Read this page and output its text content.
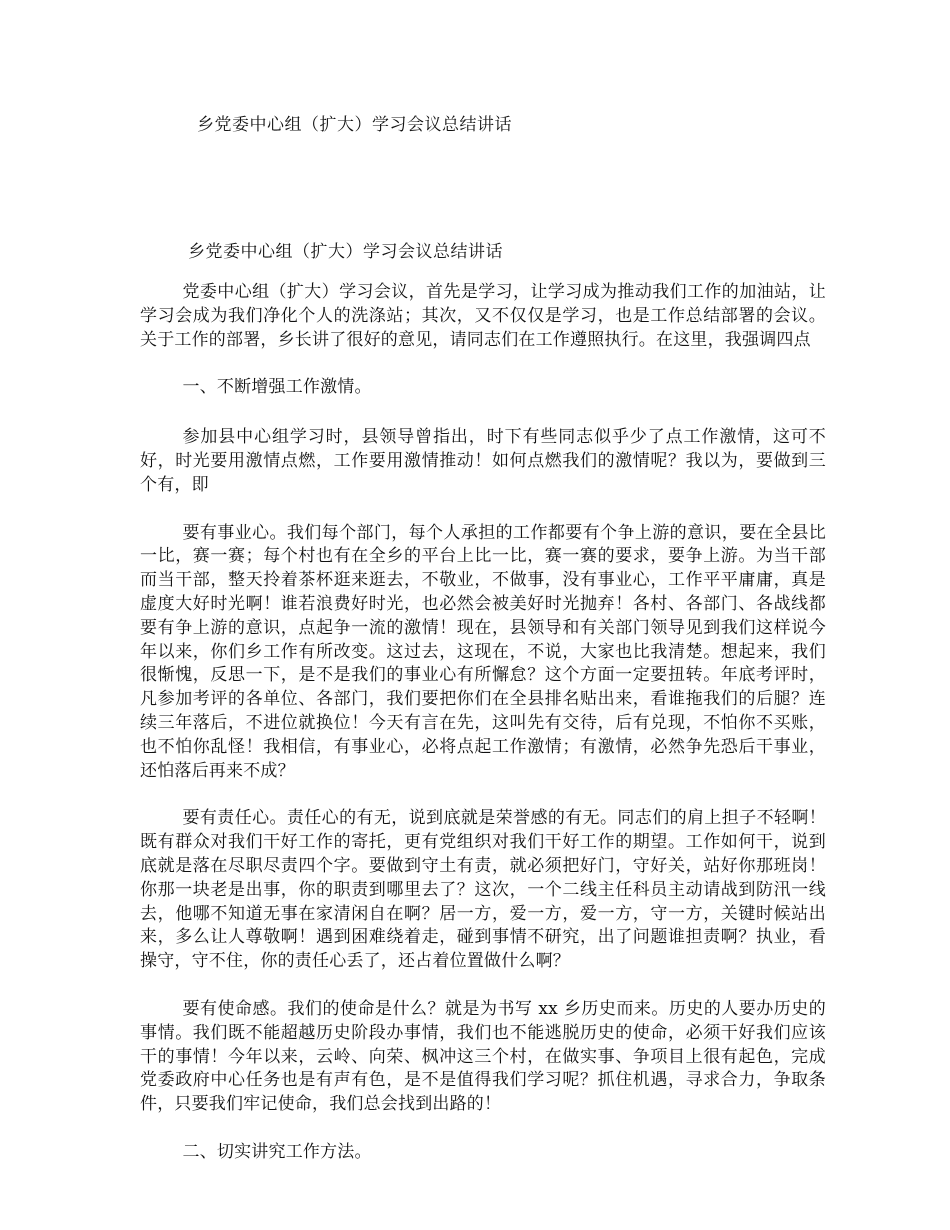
乡党委中心组（扩大）学习会议总结讲话
乡党委中心组（扩大）学习会议总结讲话

党委中心组（扩大）学习会议，首先是学习，让学习成为推动我们工作的加油站，让学习会成为我们净化个人的洗涤站；其次，又不仅仅是学习，也是工作总结部署的会议。关于工作的部署，乡长讲了很好的意见，请同志们在工作遵照执行。在这里，我强调四点

一、不断增强工作激情。

参加县中心组学习时，县领导曾指出，时下有些同志似乎少了点工作激情，这可不好，时光要用激情点燃，工作要用激情推动！如何点燃我们的激情呢？我以为，要做到三个有，即

要有事业心。我们每个部门，每个人承担的工作都要有个争上游的意识，要在全县比一比，赛一赛；每个村也有在全乡的平台上比一比，赛一赛的要求，要争上游。为当干部而当干部，整天拎着茶杯逛来逛去，不敬业，不做事，没有事业心，工作平平庸庸，真是虚度大好时光啊！谁若浪费好时光，也必然会被美好时光抛弃！各村、各部门、各战线都要有争上游的意识，点起争一流的激情！现在，县领导和有关部门领导见到我们这样说今年以来，你们乡工作有所改变。这过去，这现在，不说，大家也比我清楚。想起来，我们很惭愧，反思一下，是不是我们的事业心有所懈怠？这个方面一定要扭转。年底考评时，凡参加考评的各单位、各部门，我们要把你们在全县排名贴出来，看谁拖我们的后腿？连续三年落后，不进位就换位！今天有言在先，这叫先有交待，后有兑现，不怕你不买账，也不怕你乱怪！我相信，有事业心，必将点起工作激情；有激情，必然争先恐后干事业，还怕落后再来不成？

要有责任心。责任心的有无，说到底就是荣誉感的有无。同志们的肩上担子不轻啊！既有群众对我们干好工作的寄托，更有党组织对我们干好工作的期望。工作如何干，说到底就是落在尽职尽责四个字。要做到守土有责，就必须把好门，守好关，站好你那班岗！你那一块老是出事，你的职责到哪里去了？这次，一个二线主任科员主动请战到防汛一线去，他哪不知道无事在家清闲自在啊？居一方，爱一方，爱一方，守一方，关键时候站出来，多么让人尊敬啊！遇到困难绕着走，碰到事情不研究，出了问题谁担责啊？执业，看操守，守不住，你的责任心丢了，还占着位置做什么啊？

要有使命感。我们的使命是什么？就是为书写 xx 乡历史而来。历史的人要办历史的事情。我们既不能超越历史阶段办事情，我们也不能逃脱历史的使命，必须干好我们应该干的事情！今年以来，云岭、向荣、枫冲这三个村，在做实事、争项目上很有起色，完成党委政府中心任务也是有声有色，是不是值得我们学习呢？抓住机遇，寻求合力，争取条件，只要我们牢记使命，我们总会找到出路的！

二、切实讲究工作方法。
